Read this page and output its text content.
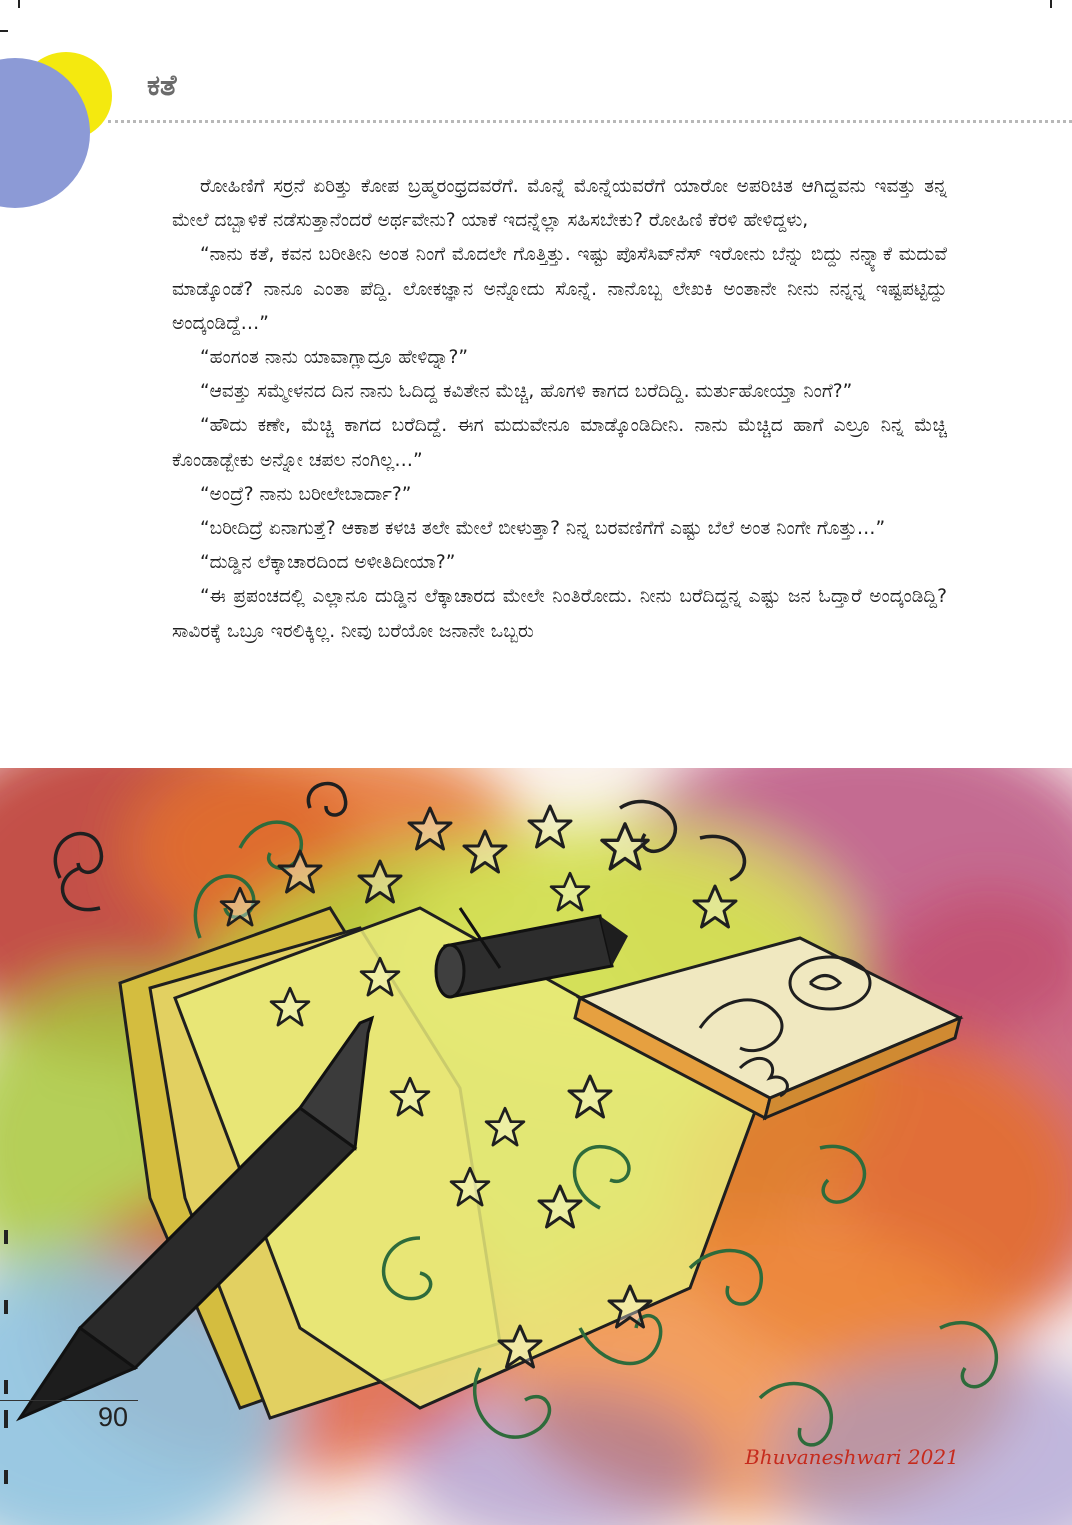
ಕತೆ

ರೋಹಿಣಿಗೆ ಸರ್ರನೆ ಏರಿತ್ತು ಕೋಪ ಬ್ರಹ್ಮರಂಧ್ರದವರೆಗೆ. ಮೊನ್ನೆ ಮೊನ್ನೆಯವರೆಗೆ ಯಾರೋ ಅಪರಿಚಿತ ಆಗಿದ್ದವನು ಇವತ್ತು ತನ್ನ ಮೇಲೆ ದಬ್ಬಾಳಿಕೆ ನಡೆಸುತ್ತಾನೆಂದರೆ ಅರ್ಥವೇನು? ಯಾಕೆ ಇದನ್ನೆಲ್ಲಾ ಸಹಿಸಬೇಕು? ರೋಹಿಣಿ ಕೆರಳಿ ಹೇಳಿದ್ದಳು,

“ನಾನು ಕತೆ, ಕವನ ಬರೀತೀನಿ ಅಂತ ನಿಂಗೆ ಮೊದಲೇ ಗೊತ್ತಿತ್ತು. ಇಷ್ಟು ಪೊಸೆಸಿವ್‌ನೆಸ್ ಇರೋನು ಬೆನ್ನು ಬಿದ್ದು ನನ್ನ್ಯಾಕೆ ಮದುವೆ ಮಾಡ್ಕೊಂಡೆ? ನಾನೂ ಎಂತಾ ಪೆದ್ದಿ. ಲೋಕಜ್ಞಾನ ಅನ್ನೋದು ಸೊನ್ನೆ. ನಾನೊಬ್ಬ ಲೇಖಕಿ ಅಂತಾನೇ ನೀನು ನನ್ನನ್ನ ಇಷ್ಟಪಟ್ಟಿದ್ದು ಅಂದ್ಕಂಡಿದ್ದೆ…”

“ಹಂಗಂತ ನಾನು ಯಾವಾಗ್ಲಾದ್ರೂ ಹೇಳಿದ್ನಾ?”

“ಆವತ್ತು ಸಮ್ಮೇಳನದ ದಿನ ನಾನು ಓದಿದ್ದ ಕವಿತೇನ ಮೆಚ್ಚಿ, ಹೊಗಳಿ ಕಾಗದ ಬರೆದಿದ್ದಿ. ಮರ್ತುಹೋಯ್ತಾ ನಿಂಗೆ?”

“ಹೌದು ಕಣೇ, ಮೆಚ್ಚಿ ಕಾಗದ ಬರೆದಿದ್ದೆ. ಈಗ ಮದುವೇನೂ ಮಾಡ್ಕೊಂಡಿದೀನಿ. ನಾನು ಮೆಚ್ಚಿದ ಹಾಗೆ ಎಲ್ರೂ ನಿನ್ನ ಮೆಚ್ಚಿ ಕೊಂಡಾಡ್ಬೇಕು ಅನ್ನೋ ಚಪಲ ನಂಗಿಲ್ಲ…”

“ಅಂದ್ರೆ? ನಾನು ಬರೀಲೇಬಾರ್ದಾ?”

“ಬರೀದಿದ್ರೆ ಏನಾಗುತ್ತೆ? ಆಕಾಶ ಕಳಚಿ ತಲೇ ಮೇಲೆ ಬೀಳುತ್ತಾ? ನಿನ್ನ ಬರವಣಿಗೆಗೆ ಎಷ್ಟು ಬೆಲೆ ಅಂತ ನಿಂಗೇ ಗೊತ್ತು…”

“ದುಡ್ಡಿನ ಲೆಕ್ಕಾಚಾರದಿಂದ ಅಳೀತಿದೀಯಾ?”

“ಈ ಪ್ರಪಂಚದಲ್ಲಿ ಎಲ್ಲಾನೂ ದುಡ್ಡಿನ ಲೆಕ್ಕಾಚಾರದ ಮೇಲೇ ನಿಂತಿರೋದು. ನೀನು ಬರೆದಿದ್ದನ್ನ ಎಷ್ಟು ಜನ ಓದ್ತಾರೆ ಅಂದ್ಕಂಡಿದ್ದಿ? ಸಾವಿರಕ್ಕೆ ಒಬ್ರೂ ಇರಲಿಕ್ಕಿಲ್ಲ. ನೀವು ಬರೆಯೋ ಜನಾನೇ ಒಬ್ಬರು

Bhuvaneshwari 2021
90
